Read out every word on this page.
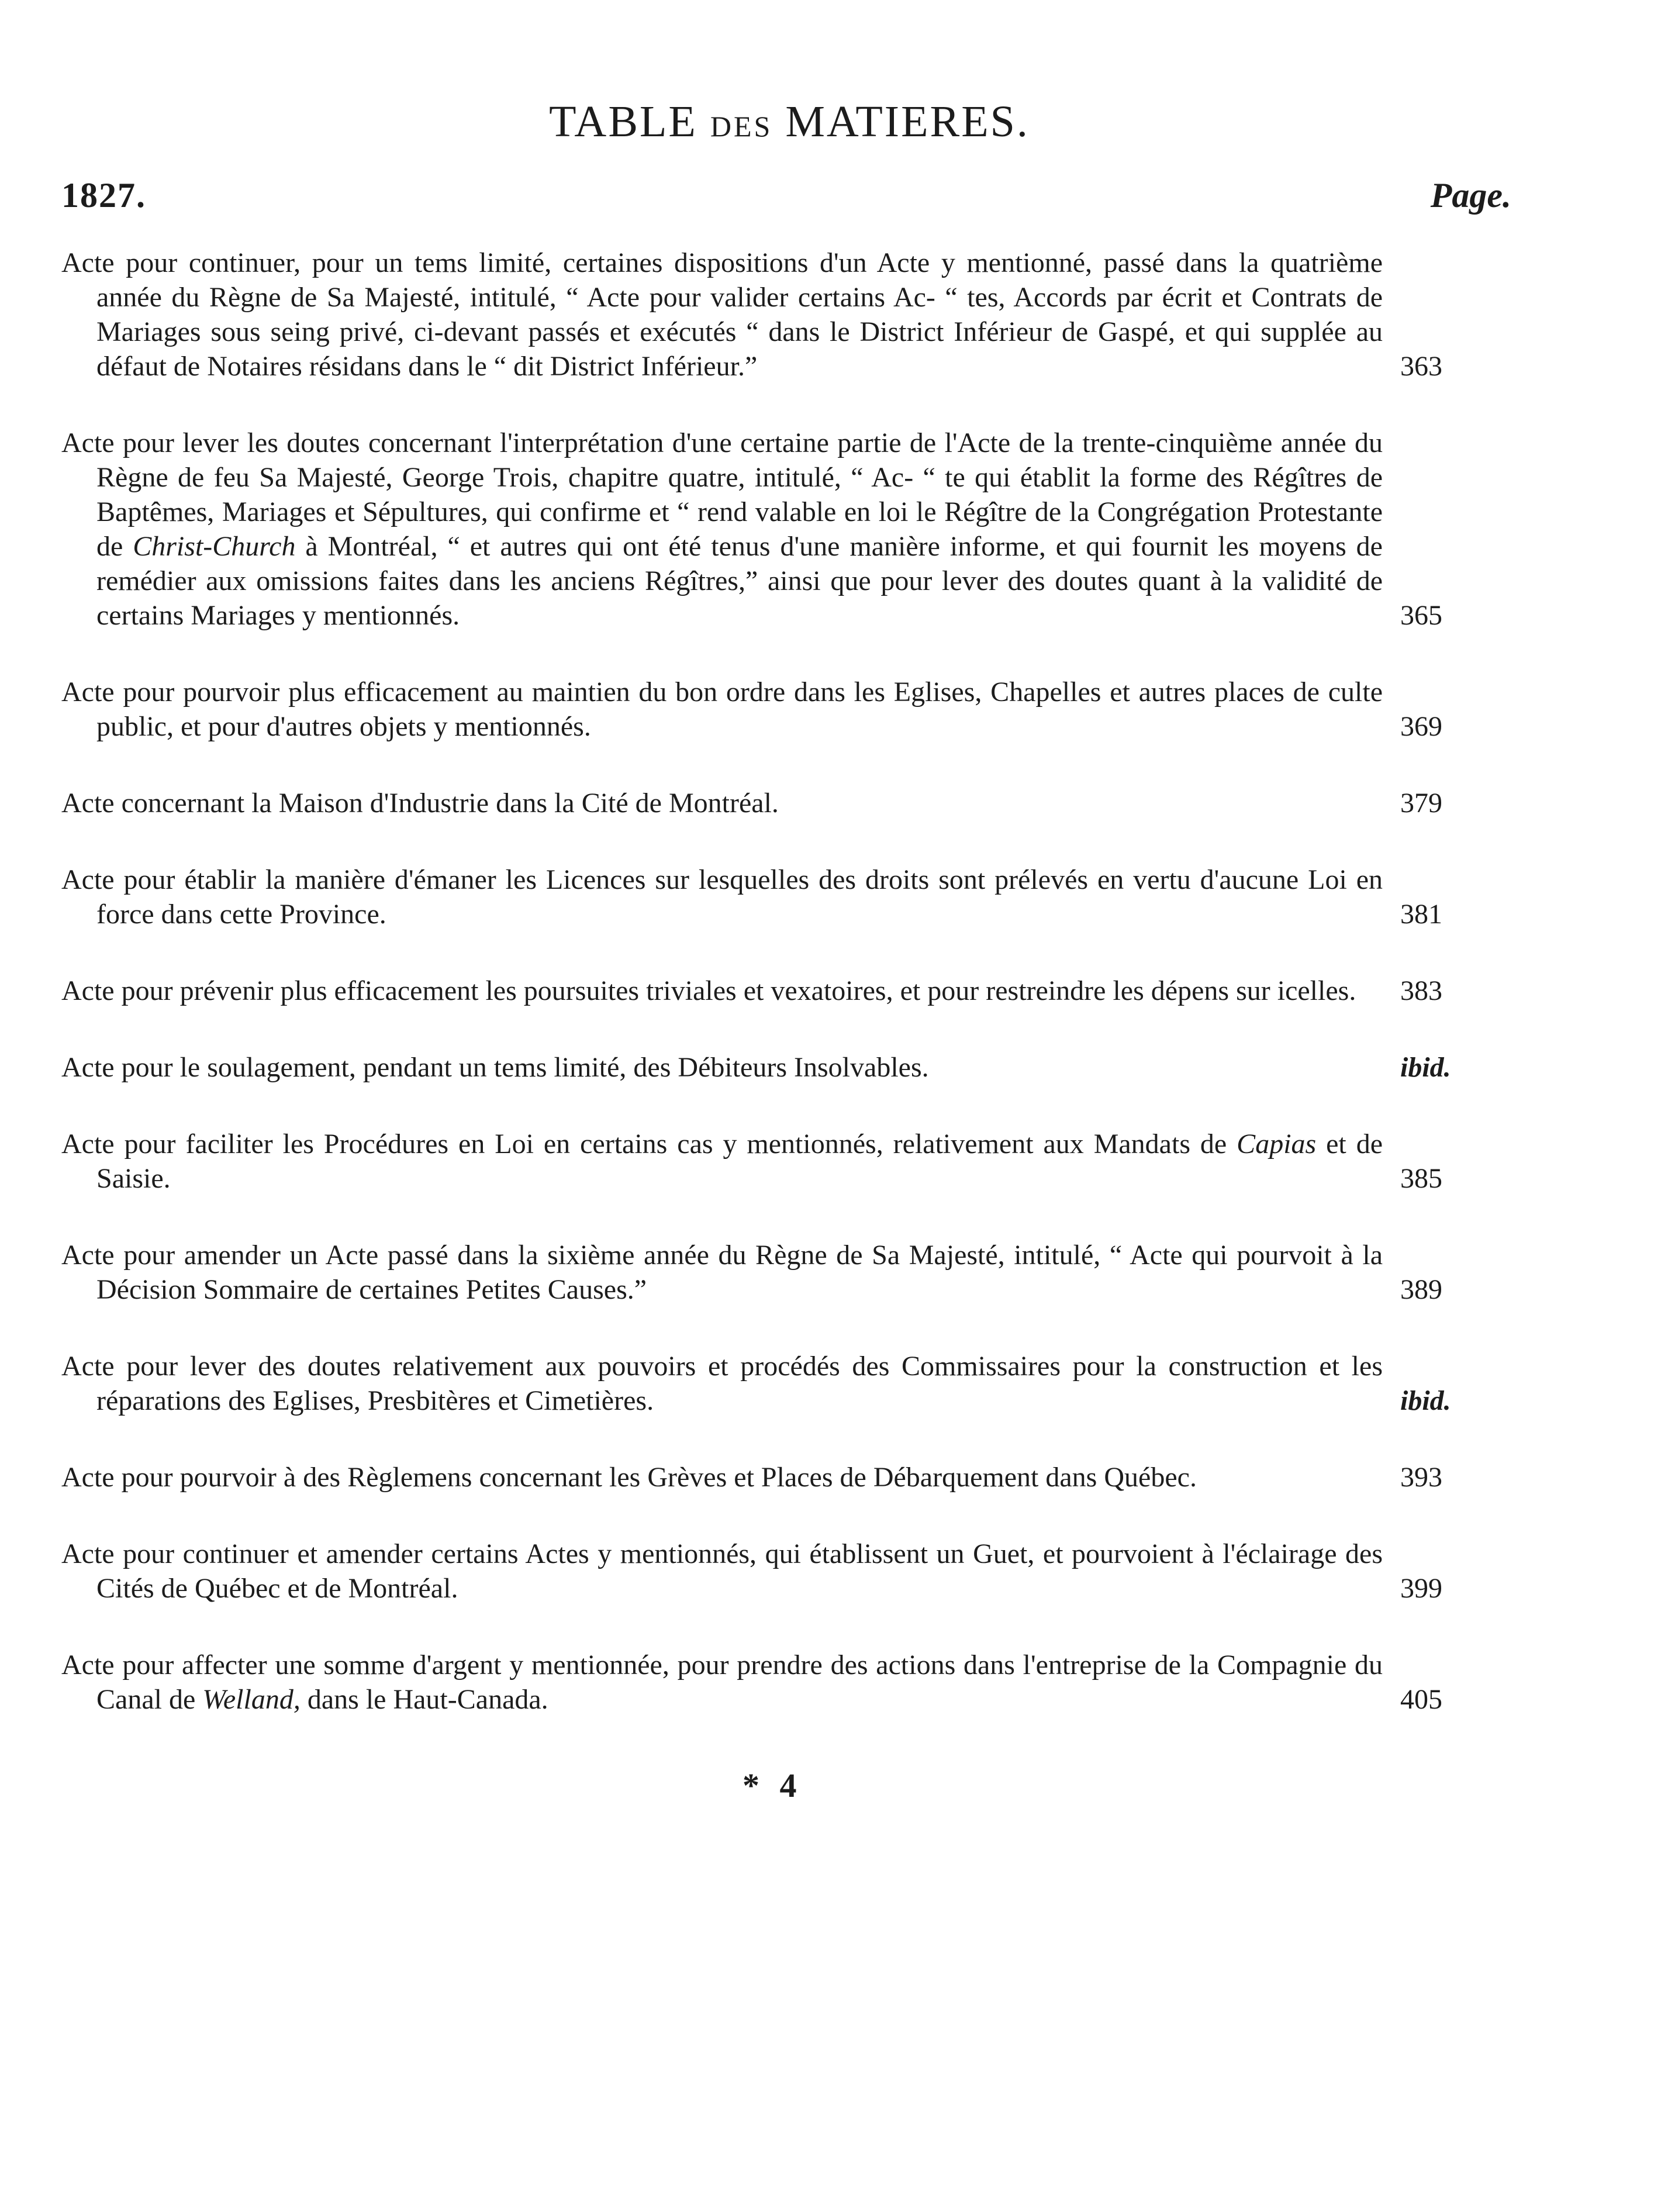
TABLE DES MATIERES.
1827.	Page.
Acte pour continuer, pour un tems limité, certaines dispositions d'un Acte y mentionné, passé dans la quatrième année du Règne de Sa Majesté, intitulé, “ Acte pour valider certains Ac- “ tes, Accords par écrit et Contrats de Mariages sous seing privé, ci-devant passés et exécutés “ dans le District Inférieur de Gaspé, et qui supplée au défaut de Notaires résidans dans le “ dit District Inférieur.”	363
Acte pour lever les doutes concernant l'interprétation d'une certaine partie de l'Acte de la trente-cinquième année du Règne de feu Sa Majesté, George Trois, chapitre quatre, intitulé, “ Ac- “ te qui établit la forme des Régîtres de Baptêmes, Mariages et Sépultures, qui confirme et “ rend valable en loi le Régître de la Congrégation Protestante de Christ-Church à Montréal, “ et autres qui ont été tenus d'une manière informe, et qui fournit les moyens de remédier aux omissions faites dans les anciens Régîtres,” ainsi que pour lever des doutes quant à la validité de certains Mariages y mentionnés.	365
Acte pour pourvoir plus efficacement au maintien du bon ordre dans les Eglises, Chapelles et autres places de culte public, et pour d'autres objets y mentionnés.	369
Acte concernant la Maison d'Industrie dans la Cité de Montréal.	379
Acte pour établir la manière d'émaner les Licences sur lesquelles des droits sont prélevés en vertu d'aucune Loi en force dans cette Province.	381
Acte pour prévenir plus efficacement les poursuites triviales et vexatoires, et pour restreindre les dépens sur icelles. 383
Acte pour le soulagement, pendant un tems limité, des Débiteurs Insolvables.	ibid.
Acte pour faciliter les Procédures en Loi en certains cas y mentionnés, relativement aux Mandats de Capias et de Saisie.	385
Acte pour amender un Acte passé dans la sixième année du Règne de Sa Majesté, intitulé, “ Acte qui pourvoit à la Décision Sommaire de certaines Petites Causes.”	389
Acte pour lever des doutes relativement aux pouvoirs et procédés des Commissaires pour la construction et les réparations des Eglises, Presbitères et Cimetières.	ibid.
Acte pour pourvoir à des Règlemens concernant les Grèves et Places de Débarquement dans Québec.	393
Acte pour continuer et amender certains Actes y mentionnés, qui établissent un Guet, et pourvoient à l'éclairage des Cités de Québec et de Montréal.	399
Acte pour affecter une somme d'argent y mentionnée, pour prendre des actions dans l'entreprise de la Compagnie du Canal de Welland, dans le Haut-Canada.	405
* 4
